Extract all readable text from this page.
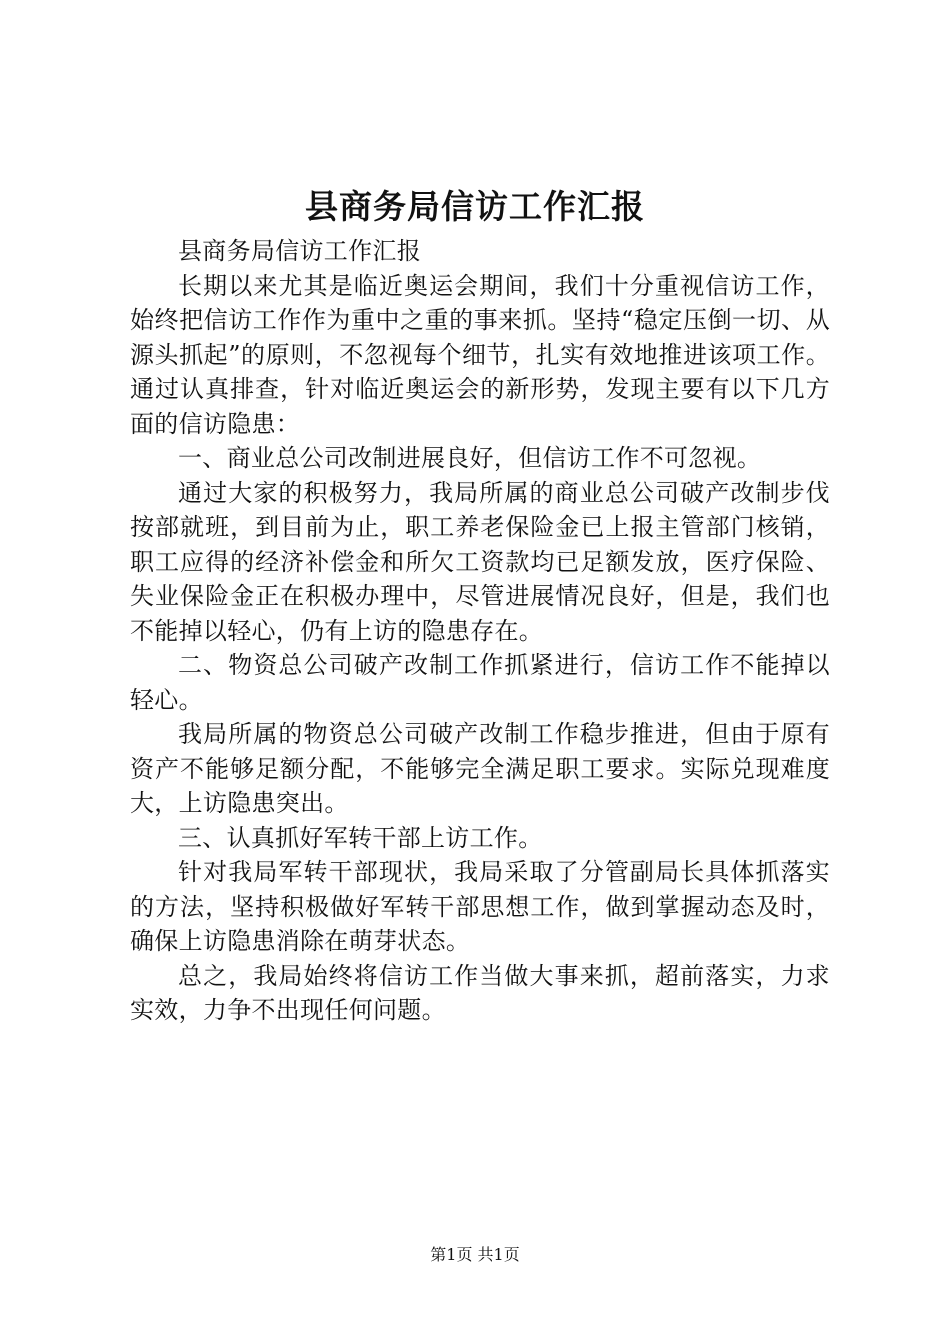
县商务局信访工作汇报

县商务局信访工作汇报

长期以来尤其是临近奥运会期间，我们十分重视信访工作，始终把信访工作作为重中之重的事来抓。坚持“稳定压倒一切、从源头抓起”的原则，不忽视每个细节，扎实有效地推进该项工作。通过认真排查，针对临近奥运会的新形势，发现主要有以下几方面的信访隐患：

一、商业总公司改制进展良好，但信访工作不可忽视。

通过大家的积极努力，我局所属的商业总公司破产改制步伐按部就班，到目前为止，职工养老保险金已上报主管部门核销，职工应得的经济补偿金和所欠工资款均已足额发放，医疗保险、失业保险金正在积极办理中，尽管进展情况良好，但是，我们也不能掉以轻心，仍有上访的隐患存在。

二、物资总公司破产改制工作抓紧进行，信访工作不能掉以轻心。

我局所属的物资总公司破产改制工作稳步推进，但由于原有资产不能够足额分配，不能够完全满足职工要求。实际兑现难度大，上访隐患突出。

三、认真抓好军转干部上访工作。

针对我局军转干部现状，我局采取了分管副局长具体抓落实的方法，坚持积极做好军转干部思想工作，做到掌握动态及时，确保上访隐患消除在萌芽状态。

总之，我局始终将信访工作当做大事来抓，超前落实，力求实效，力争不出现任何问题。

第1页 共1页
